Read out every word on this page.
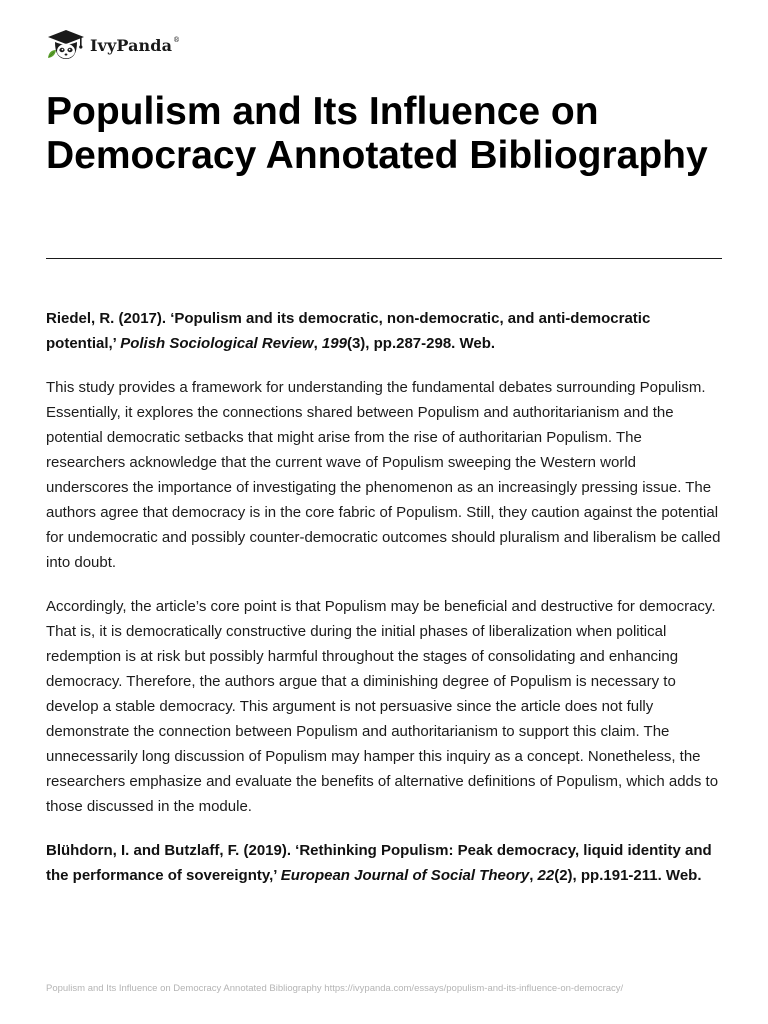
IvyPanda®
Populism and Its Influence on Democracy Annotated Bibliography

Riedel, R. (2017). ‘Populism and its democratic, non-democratic, and anti-democratic potential,’ Polish Sociological Review, 199(3), pp.287-298. Web.

This study provides a framework for understanding the fundamental debates surrounding Populism. Essentially, it explores the connections shared between Populism and authoritarianism and the potential democratic setbacks that might arise from the rise of authoritarian Populism. The researchers acknowledge that the current wave of Populism sweeping the Western world underscores the importance of investigating the phenomenon as an increasingly pressing issue. The authors agree that democracy is in the core fabric of Populism. Still, they caution against the potential for undemocratic and possibly counter-democratic outcomes should pluralism and liberalism be called into doubt.

Accordingly, the article’s core point is that Populism may be beneficial and destructive for democracy. That is, it is democratically constructive during the initial phases of liberalization when political redemption is at risk but possibly harmful throughout the stages of consolidating and enhancing democracy. Therefore, the authors argue that a diminishing degree of Populism is necessary to develop a stable democracy. This argument is not persuasive since the article does not fully demonstrate the connection between Populism and authoritarianism to support this claim. The unnecessarily long discussion of Populism may hamper this inquiry as a concept. Nonetheless, the researchers emphasize and evaluate the benefits of alternative definitions of Populism, which adds to those discussed in the module.

Blühdorn, I. and Butzlaff, F. (2019). ‘Rethinking Populism: Peak democracy, liquid identity and the performance of sovereignty,’ European Journal of Social Theory, 22(2), pp.191-211. Web.

Populism and Its Influence on Democracy Annotated Bibliography https://ivypanda.com/essays/populism-and-its-influence-on-democracy/
